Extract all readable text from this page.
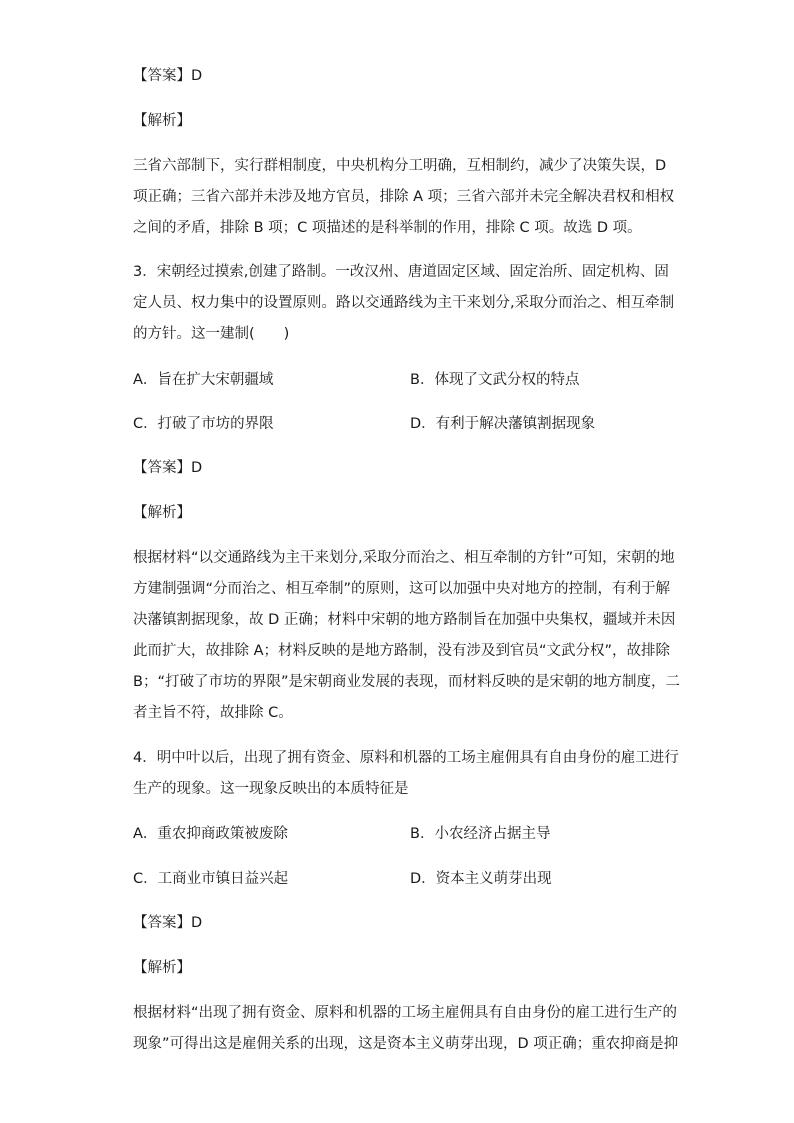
【答案】D
【解析】
三省六部制下，实行群相制度，中央机构分工明确，互相制约，减少了决策失误，D
项正确；三省六部并未涉及地方官员，排除 A 项；三省六部并未完全解决君权和相权
之间的矛盾，排除 B 项；C 项描述的是科举制的作用，排除 C 项。故选 D 项。
3．宋朝经过摸索,创建了路制。一改汉州、唐道固定区域、固定治所、固定机构、固
定人员、权力集中的设置原则。路以交通路线为主干来划分,采取分而治之、相互牵制
的方针。这一建制(　　)
A．旨在扩大宋朝疆域	B．体现了文武分权的特点
C．打破了市坊的界限	D．有利于解决藩镇割据现象
【答案】D
【解析】
根据材料“以交通路线为主干来划分,采取分而治之、相互牵制的方针”可知，宋朝的地
方建制强调“分而治之、相互牵制”的原则，这可以加强中央对地方的控制，有利于解
决藩镇割据现象，故 D 正确；材料中宋朝的地方路制旨在加强中央集权，疆域并未因
此而扩大，故排除 A；材料反映的是地方路制，没有涉及到官员“文武分权”，故排除
B；“打破了市坊的界限”是宋朝商业发展的表现，而材料反映的是宋朝的地方制度，二
者主旨不符，故排除 C。
4．明中叶以后，出现了拥有资金、原料和机器的工场主雇佣具有自由身份的雇工进行
生产的现象。这一现象反映出的本质特征是
A．重农抑商政策被废除	B．小农经济占据主导
C．工商业市镇日益兴起	D．资本主义萌芽出现
【答案】D
【解析】
根据材料“出现了拥有资金、原料和机器的工场主雇佣具有自由身份的雇工进行生产的
现象”可得出这是雇佣关系的出现，这是资本主义萌芽出现，D 项正确；重农抑商是抑
